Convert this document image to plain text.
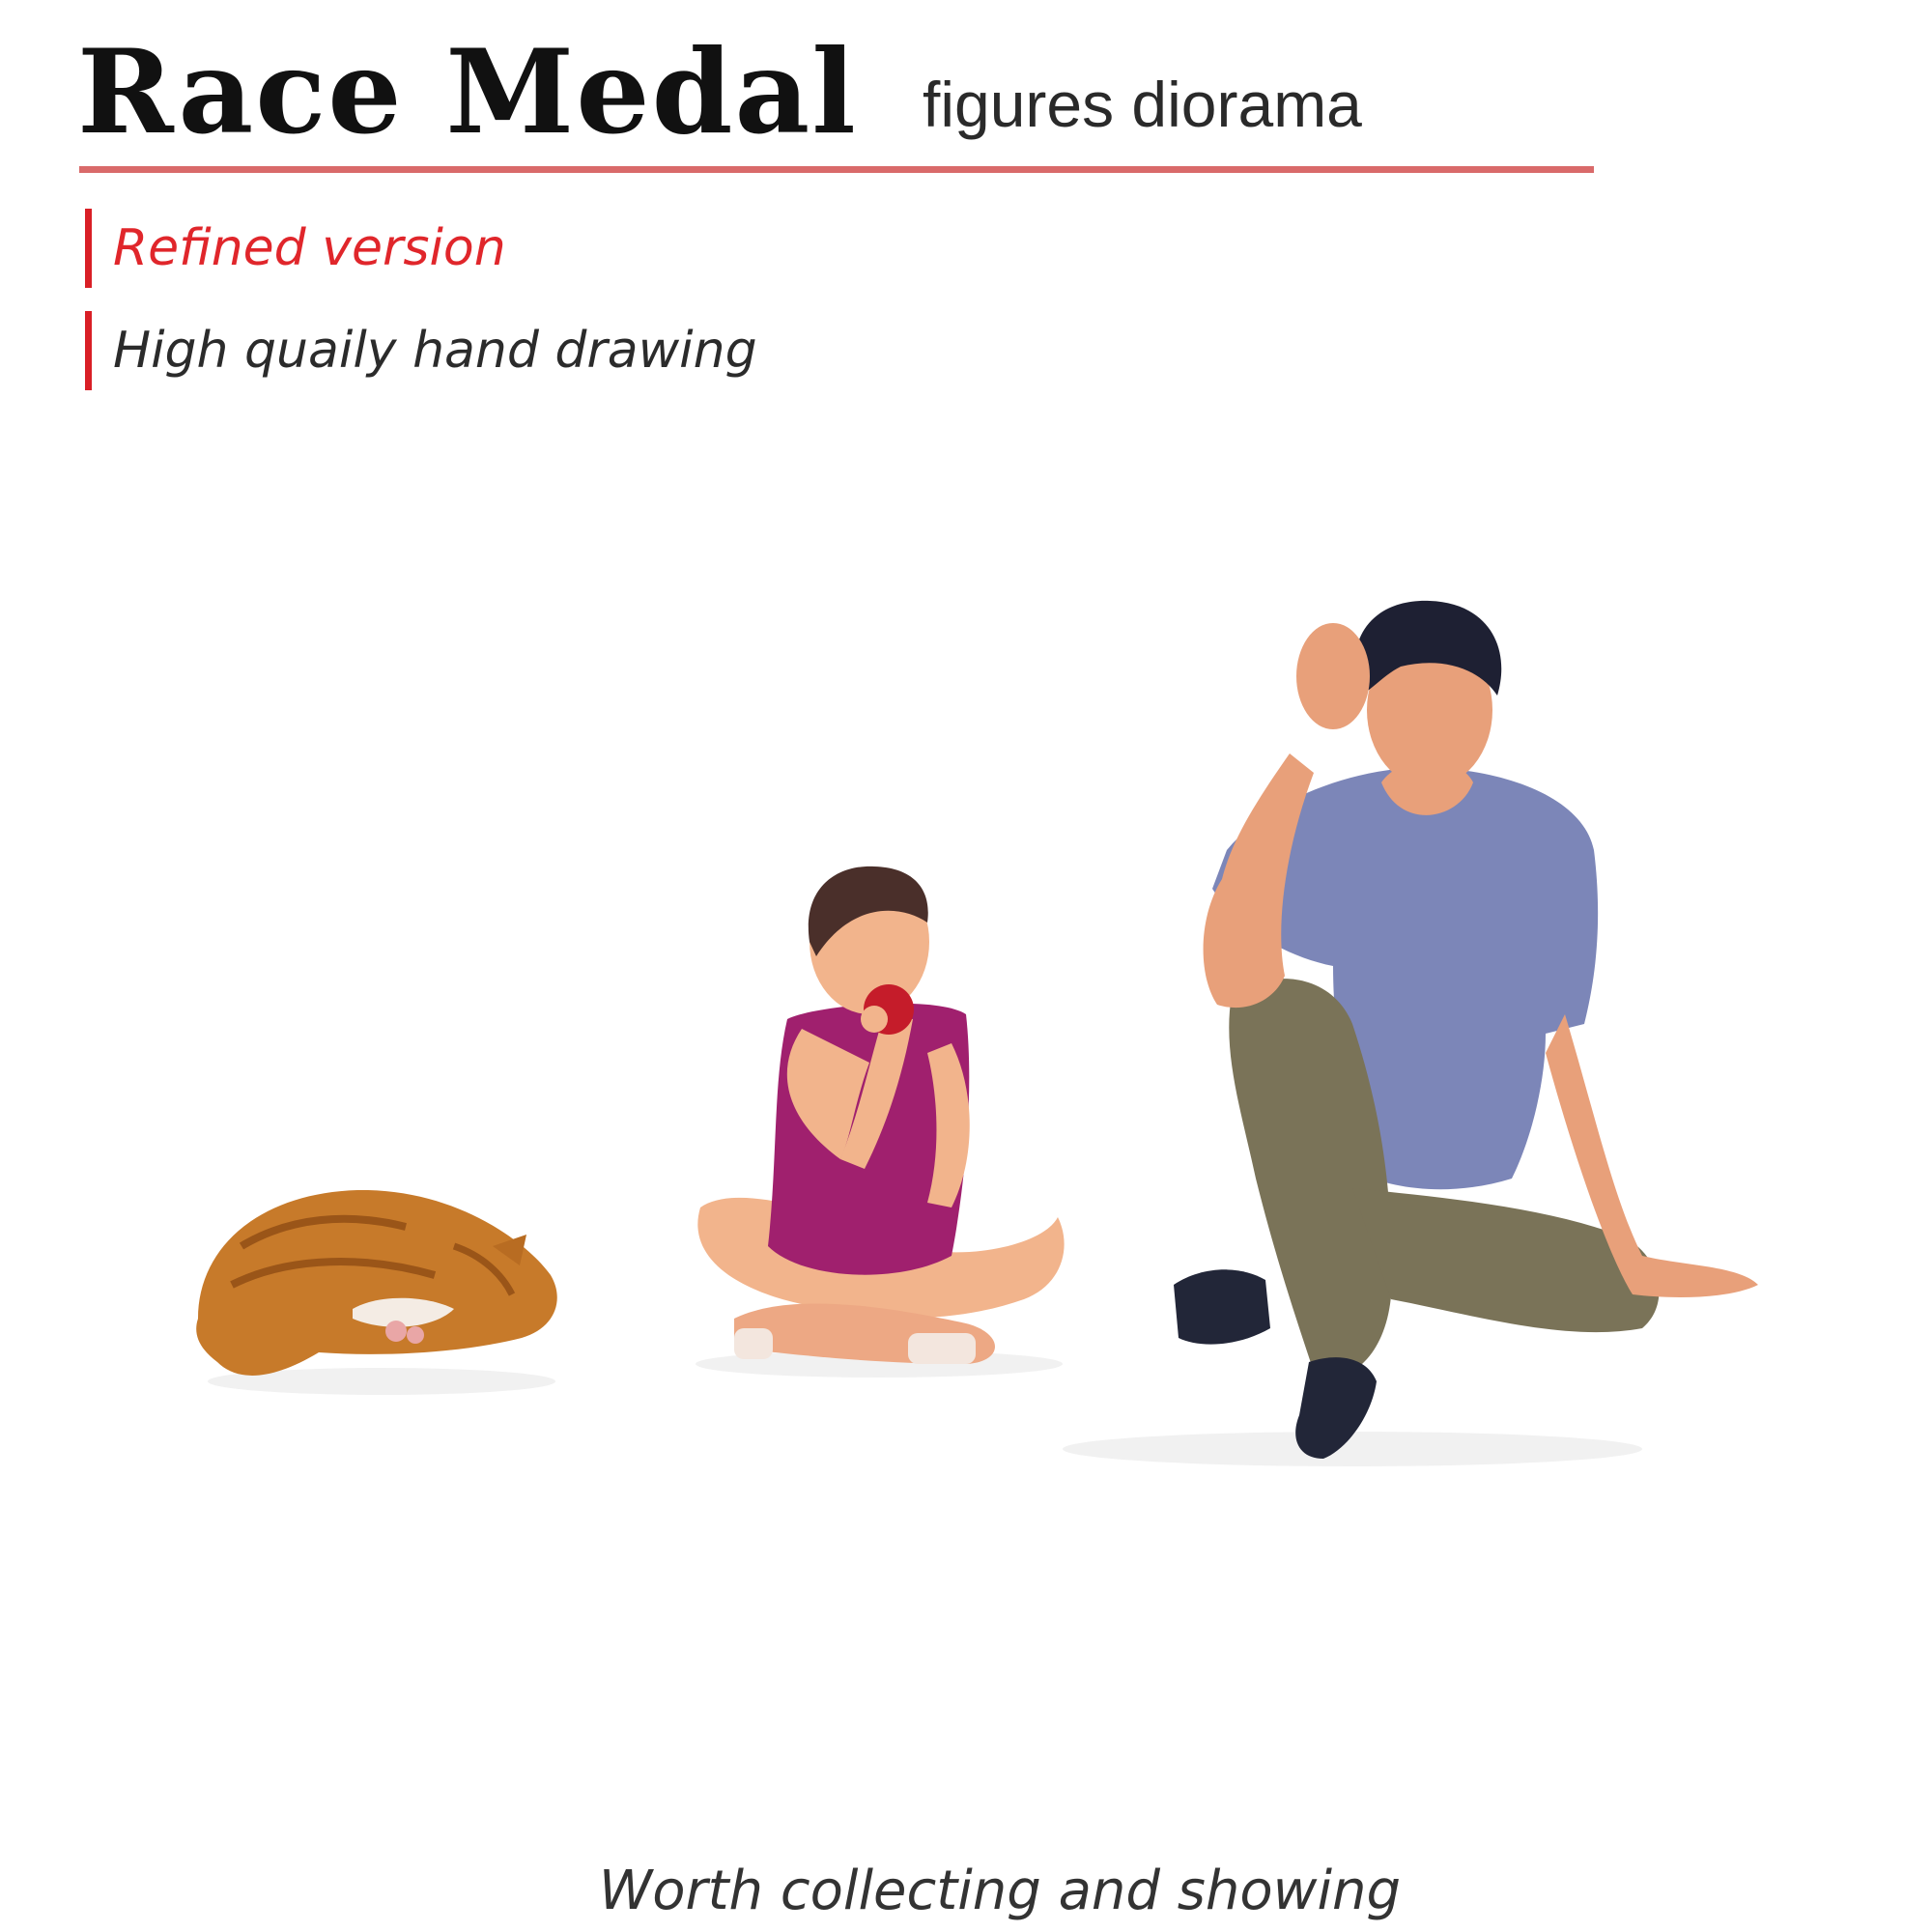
Race Medal figures diorama
Refined version
High quaily hand drawing
Worth collecting and showing
